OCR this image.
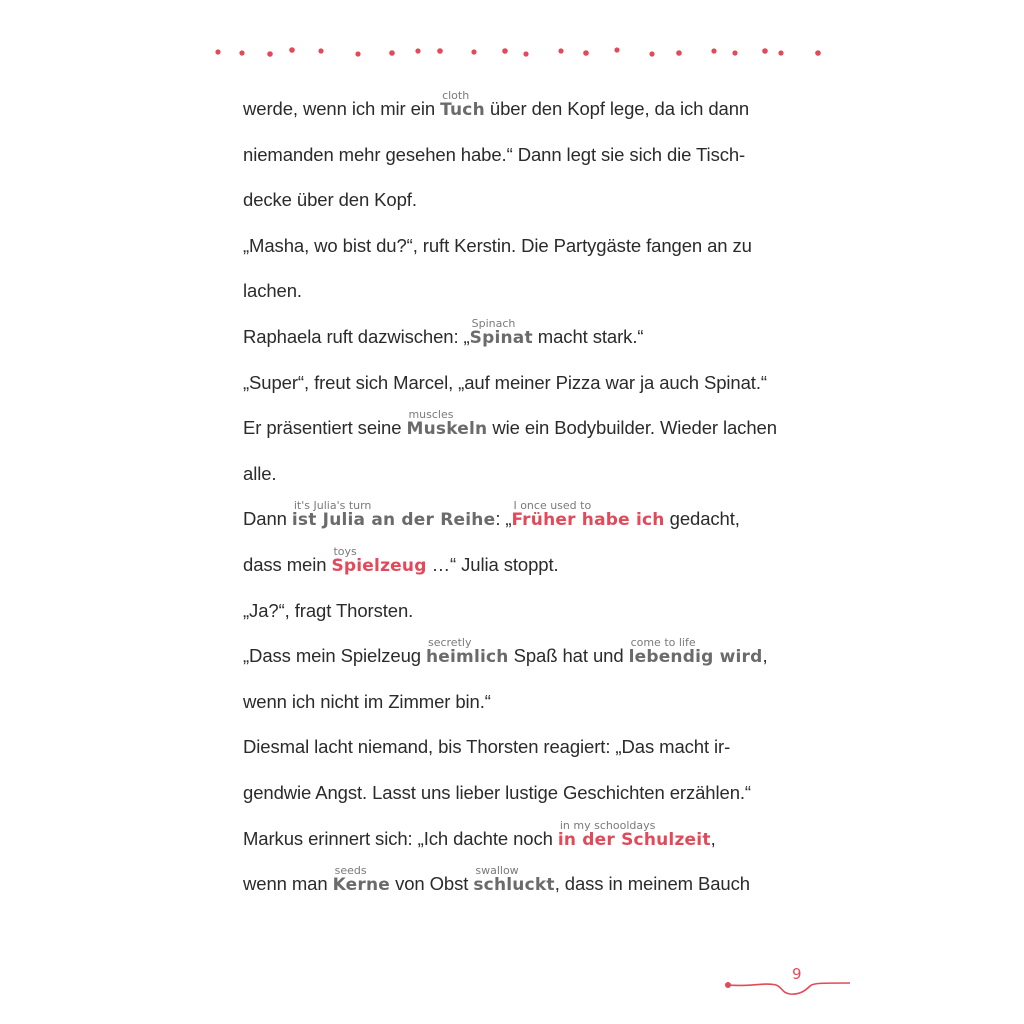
werde, wenn ich mir ein Tuch
cloth
über den Kopf lege, da ich dann
niemanden mehr gesehen habe.“ Dann legt sie sich die Tisch-
decke über den Kopf.
„Masha, wo bist du?“, ruft Kerstin. Die Partygäste fangen an zu
lachen.
Raphaela ruft dazwischen: „Spinat
Spinach
macht stark.“
„Super“, freut sich Marcel, „auf meiner Pizza war ja auch Spinat.“
Er präsentiert seine Muskeln
muscles
wie ein Bodybuilder. Wieder lachen
alle.
Dann ist Julia an der Reihe
it's Julia's turn
: „Früher habe ich
I once used to
gedacht,
dass mein Spielzeug
toys
…“ Julia stoppt.
„Ja?“, fragt Thorsten.
„Dass mein Spielzeug heimlich
secretly
Spaß hat und lebendig wird
come to life
,
wenn ich nicht im Zimmer bin.“
Diesmal lacht niemand, bis Thorsten reagiert: „Das macht ir-
gendwie Angst. Lasst uns lieber lustige Geschichten erzählen.“
Markus erinnert sich: „Ich dachte noch in der Schulzeit
in my schooldays
,
wenn man Kerne
seeds
von Obst schluckt
swallow
, dass in meinem Bauch
9
